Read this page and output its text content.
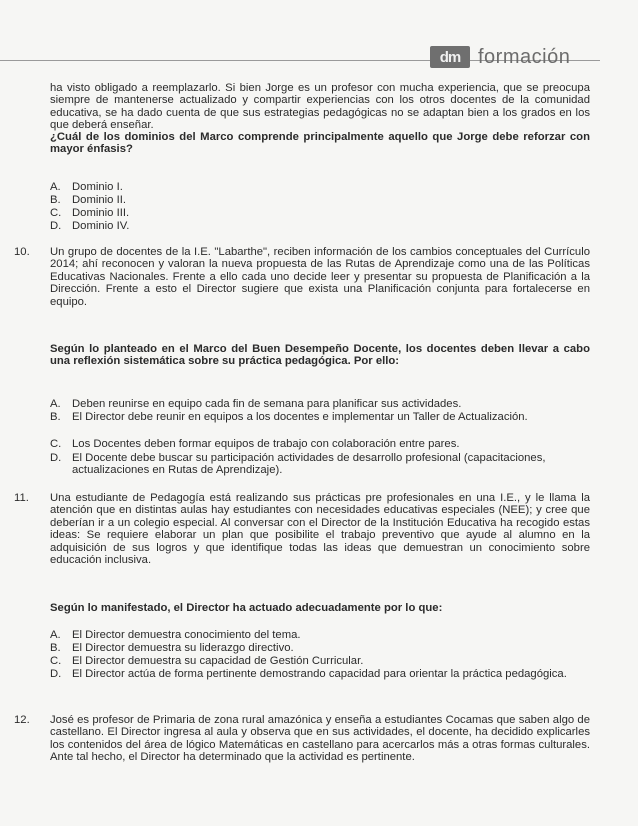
dm formación

ha visto obligado a reemplazarlo. Si bien Jorge es un profesor con mucha experiencia, que se preocupa siempre de mantenerse actualizado y compartir experiencias con los otros docentes de la comunidad educativa, se ha dado cuenta de que sus estrategias pedagógicas no se adaptan bien a los grados en los que deberá enseñar.

¿Cuál de los dominios del Marco comprende principalmente aquello que Jorge debe reforzar con mayor énfasis?

A. Dominio I.
B. Dominio II.
C. Dominio III.
D. Dominio IV.
10. Un grupo de docentes de la I.E. "Labarthe", reciben información de los cambios conceptuales del Currículo 2014; ahí reconocen y valoran la nueva propuesta de las Rutas de Aprendizaje como una de las Políticas Educativas Nacionales. Frente a ello cada uno decide leer y presentar su propuesta de Planificación a la Dirección. Frente a esto el Director sugiere que exista una Planificación conjunta para fortalecerse en equipo.

Según lo planteado en el Marco del Buen Desempeño Docente, los docentes deben llevar a cabo una reflexión sistemática sobre su práctica pedagógica. Por ello:

A. Deben reunirse en equipo cada fin de semana para planificar sus actividades.
B. El Director debe reunir en equipos a los docentes e implementar un Taller de Actualización.
C. Los Docentes deben formar equipos de trabajo con colaboración entre pares.
D. El Docente debe buscar su participación actividades de desarrollo profesional (capacitaciones, actualizaciones en Rutas de Aprendizaje).
11. Una estudiante de Pedagogía está realizando sus prácticas pre profesionales en una I.E., y le llama la atención que en distintas aulas hay estudiantes con necesidades educativas especiales (NEE); y cree que deberían ir a un colegio especial. Al conversar con el Director de la Institución Educativa ha recogido estas ideas: Se requiere elaborar un plan que posibilite el trabajo preventivo que ayude al alumno en la adquisición de sus logros y que identifique todas las ideas que demuestran un conocimiento sobre educación inclusiva.

Según lo manifestado, el Director ha actuado adecuadamente por lo que:

A. El Director demuestra conocimiento del tema.
B. El Director demuestra su liderazgo directivo.
C. El Director demuestra su capacidad de Gestión Curricular.
D. El Director actúa de forma pertinente demostrando capacidad para orientar la práctica pedagógica.
12. José es profesor de Primaria de zona rural amazónica y enseña a estudiantes Cocamas que saben algo de castellano. El Director ingresa al aula y observa que en sus actividades, el docente, ha decidido explicarles los contenidos del área de lógico Matemáticas en castellano para acercarlos más a otras formas culturales. Ante tal hecho, el Director ha determinado que la actividad es pertinente.
